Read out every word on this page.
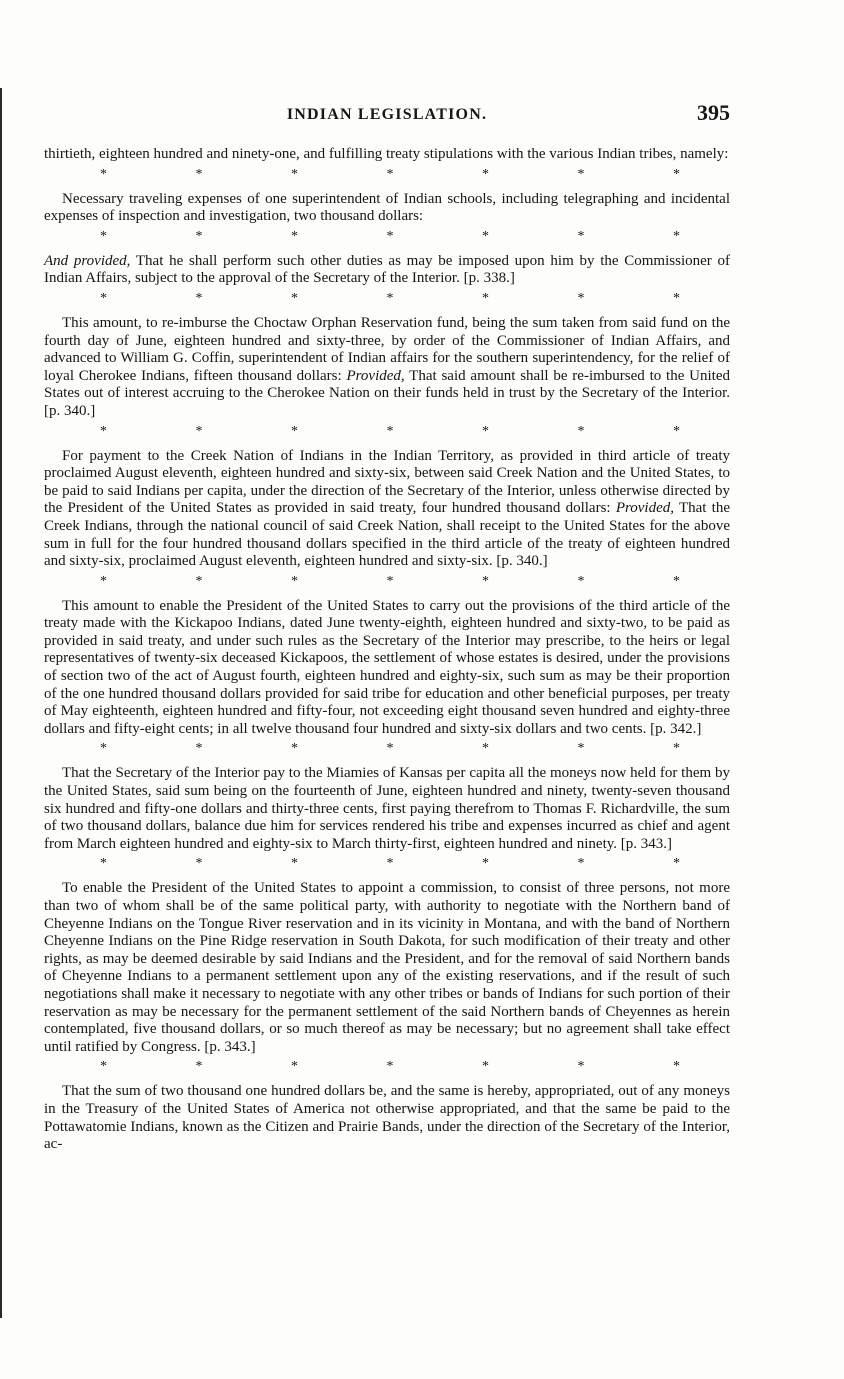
INDIAN LEGISLATION.	395

thirtieth, eighteen hundred and ninety-one, and fulfilling treaty stipulations with the various Indian tribes, namely:

*	*	*	*	*	*	*

Necessary traveling expenses of one superintendent of Indian schools, including telegraphing and incidental expenses of inspection and investigation, two thousand dollars:

*	*	*	*	*	*	*

And provided, That he shall perform such other duties as may be imposed upon him by the Commissioner of Indian Affairs, subject to the approval of the Secretary of the Interior. [p. 338.]

*	*	*	*	*	*	*

This amount, to re-imburse the Choctaw Orphan Reservation fund, being the sum taken from said fund on the fourth day of June, eighteen hundred and sixty-three, by order of the Commissioner of Indian Affairs, and advanced to William G. Coffin, superintendent of Indian affairs for the southern superintendency, for the relief of loyal Cherokee Indians, fifteen thousand dollars: Provided, That said amount shall be re-imbursed to the United States out of interest accruing to the Cherokee Nation on their funds held in trust by the Secretary of the Interior. [p. 340.]

*	*	*	*	*	*	*

For payment to the Creek Nation of Indians in the Indian Territory, as provided in third article of treaty proclaimed August eleventh, eighteen hundred and sixty-six, between said Creek Nation and the United States, to be paid to said Indians per capita, under the direction of the Secretary of the Interior, unless otherwise directed by the President of the United States as provided in said treaty, four hundred thousand dollars: Provided, That the Creek Indians, through the national council of said Creek Nation, shall receipt to the United States for the above sum in full for the four hundred thousand dollars specified in the third article of the treaty of eighteen hundred and sixty-six, proclaimed August eleventh, eighteen hundred and sixty-six. [p. 340.]

*	*	*	*	*	*	*

This amount to enable the President of the United States to carry out the provisions of the third article of the treaty made with the Kickapoo Indians, dated June twenty-eighth, eighteen hundred and sixty-two, to be paid as provided in said treaty, and under such rules as the Secretary of the Interior may prescribe, to the heirs or legal representatives of twenty-six deceased Kickapoos, the settlement of whose estates is desired, under the provisions of section two of the act of August fourth, eighteen hundred and eighty-six, such sum as may be their proportion of the one hundred thousand dollars provided for said tribe for education and other beneficial purposes, per treaty of May eighteenth, eighteen hundred and fifty-four, not exceeding eight thousand seven hundred and eighty-three dollars and fifty-eight cents; in all twelve thousand four hundred and sixty-six dollars and two cents. [p. 342.]

*	*	*	*	*	*	*

That the Secretary of the Interior pay to the Miamies of Kansas per capita all the moneys now held for them by the United States, said sum being on the fourteenth of June, eighteen hundred and ninety, twenty-seven thousand six hundred and fifty-one dollars and thirty-three cents, first paying therefrom to Thomas F. Richardville, the sum of two thousand dollars, balance due him for services rendered his tribe and expenses incurred as chief and agent from March eighteen hundred and eighty-six to March thirty-first, eighteen hundred and ninety. [p. 343.]

*	*	*	*	*	*	*

To enable the President of the United States to appoint a commission, to consist of three persons, not more than two of whom shall be of the same political party, with authority to negotiate with the Northern band of Cheyenne Indians on the Tongue River reservation and in its vicinity in Montana, and with the band of Northern Cheyenne Indians on the Pine Ridge reservation in South Dakota, for such modification of their treaty and other rights, as may be deemed desirable by said Indians and the President, and for the removal of said Northern bands of Cheyenne Indians to a permanent settlement upon any of the existing reservations, and if the result of such negotiations shall make it necessary to negotiate with any other tribes or bands of Indians for such portion of their reservation as may be necessary for the permanent settlement of the said Northern bands of Cheyennes as herein contemplated, five thousand dollars, or so much thereof as may be necessary; but no agreement shall take effect until ratified by Congress. [p. 343.]

*	*	*	*	*	*	*

That the sum of two thousand one hundred dollars be, and the same is hereby, appropriated, out of any moneys in the Treasury of the United States of America not otherwise appropriated, and that the same be paid to the Pottawatomie Indians, known as the Citizen and Prairie Bands, under the direction of the Secretary of the Interior, ac-
